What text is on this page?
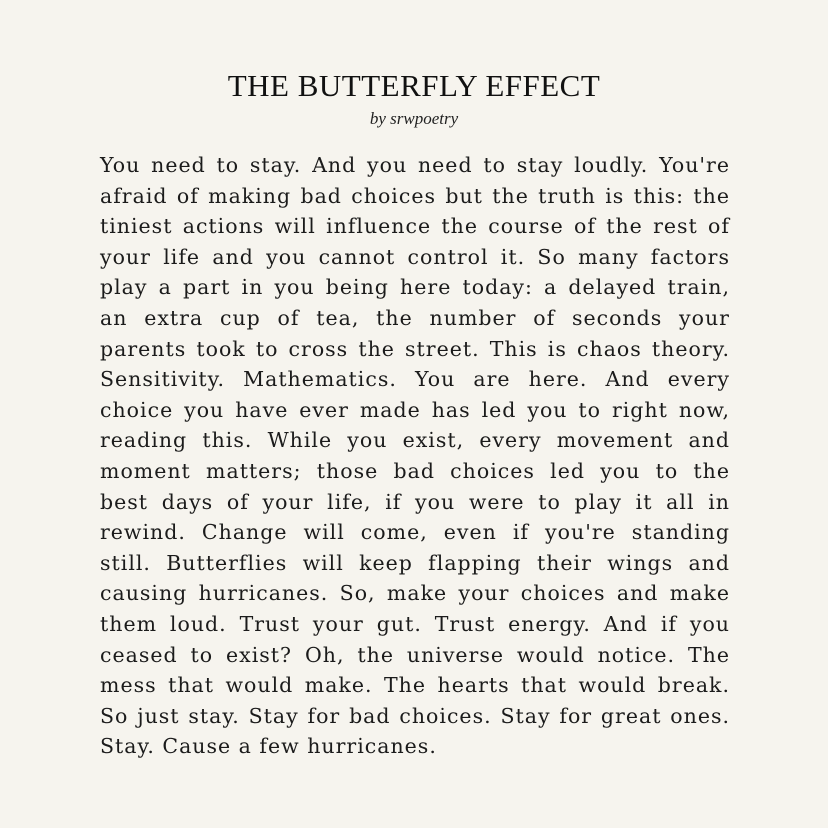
THE BUTTERFLY EFFECT
by srwpoetry
You need to stay. And you need to stay loudly. You're
afraid of making bad choices but the truth is this: the
tiniest actions will influence the course of the rest of
your life and you cannot control it. So many factors
play a part in you being here today: a delayed train,
an extra cup of tea, the number of seconds your
parents took to cross the street. This is chaos theory.
Sensitivity. Mathematics. You are here. And every
choice you have ever made has led you to right now,
reading this. While you exist, every movement and
moment matters; those bad choices led you to the
best days of your life, if you were to play it all in
rewind. Change will come, even if you're standing
still. Butterflies will keep flapping their wings and
causing hurricanes. So, make your choices and make
them loud. Trust your gut. Trust energy. And if you
ceased to exist? Oh, the universe would notice. The
mess that would make. The hearts that would break.
So just stay. Stay for bad choices. Stay for great ones.
Stay. Cause a few hurricanes.
